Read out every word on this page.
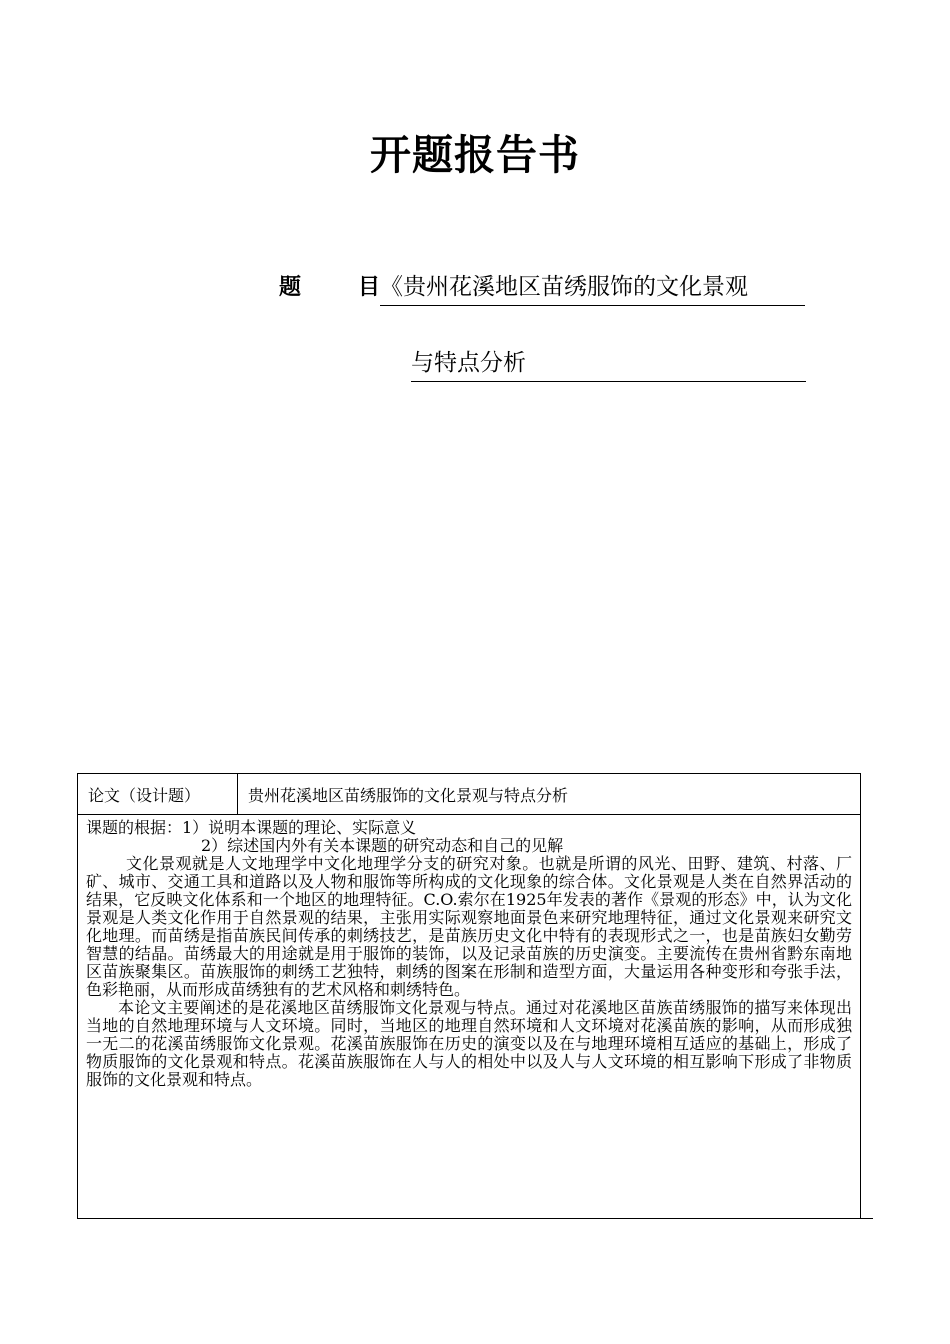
开题报告书
题	目 《贵州花溪地区苗绣服饰的文化景观
与特点分析
论文（设计题）	贵州花溪地区苗绣服饰的文化景观与特点分析

课题的根据：1）说明本课题的理论、实际意义

2）综述国内外有关本课题的研究动态和自己的见解

文化景观就是人文地理学中文化地理学分支的研究对象。也就是所谓的风光、田野、建筑、村落、厂矿、城市、交通工具和道路以及人物和服饰等所构成的文化现象的综合体。文化景观是人类在自然界活动的结果，它反映文化体系和一个地区的地理特征。C.O.索尔在1925年发表的著作《景观的形态》中，认为文化景观是人类文化作用于自然景观的结果，主张用实际观察地面景色来研究地理特征，通过文化景观来研究文化地理。而苗绣是指苗族民间传承的刺绣技艺，是苗族历史文化中特有的表现形式之一，也是苗族妇女勤劳智慧的结晶。苗绣最大的用途就是用于服饰的装饰，以及记录苗族的历史演变。主要流传在贵州省黔东南地区苗族聚集区。苗族服饰的刺绣工艺独特，刺绣的图案在形制和造型方面，大量运用各种变形和夸张手法，色彩艳丽，从而形成苗绣独有的艺术风格和刺绣特色。

本论文主要阐述的是花溪地区苗绣服饰文化景观与特点。通过对花溪地区苗族苗绣服饰的描写来体现出当地的自然地理环境与人文环境。同时，当地区的地理自然环境和人文环境对花溪苗族的影响，从而形成独一无二的花溪苗绣服饰文化景观。花溪苗族服饰在历史的演变以及在与地理环境相互适应的基础上，形成了物质服饰的文化景观和特点。花溪苗族服饰在人与人的相处中以及人与人文环境的相互影响下形成了非物质服饰的文化景观和特点。
